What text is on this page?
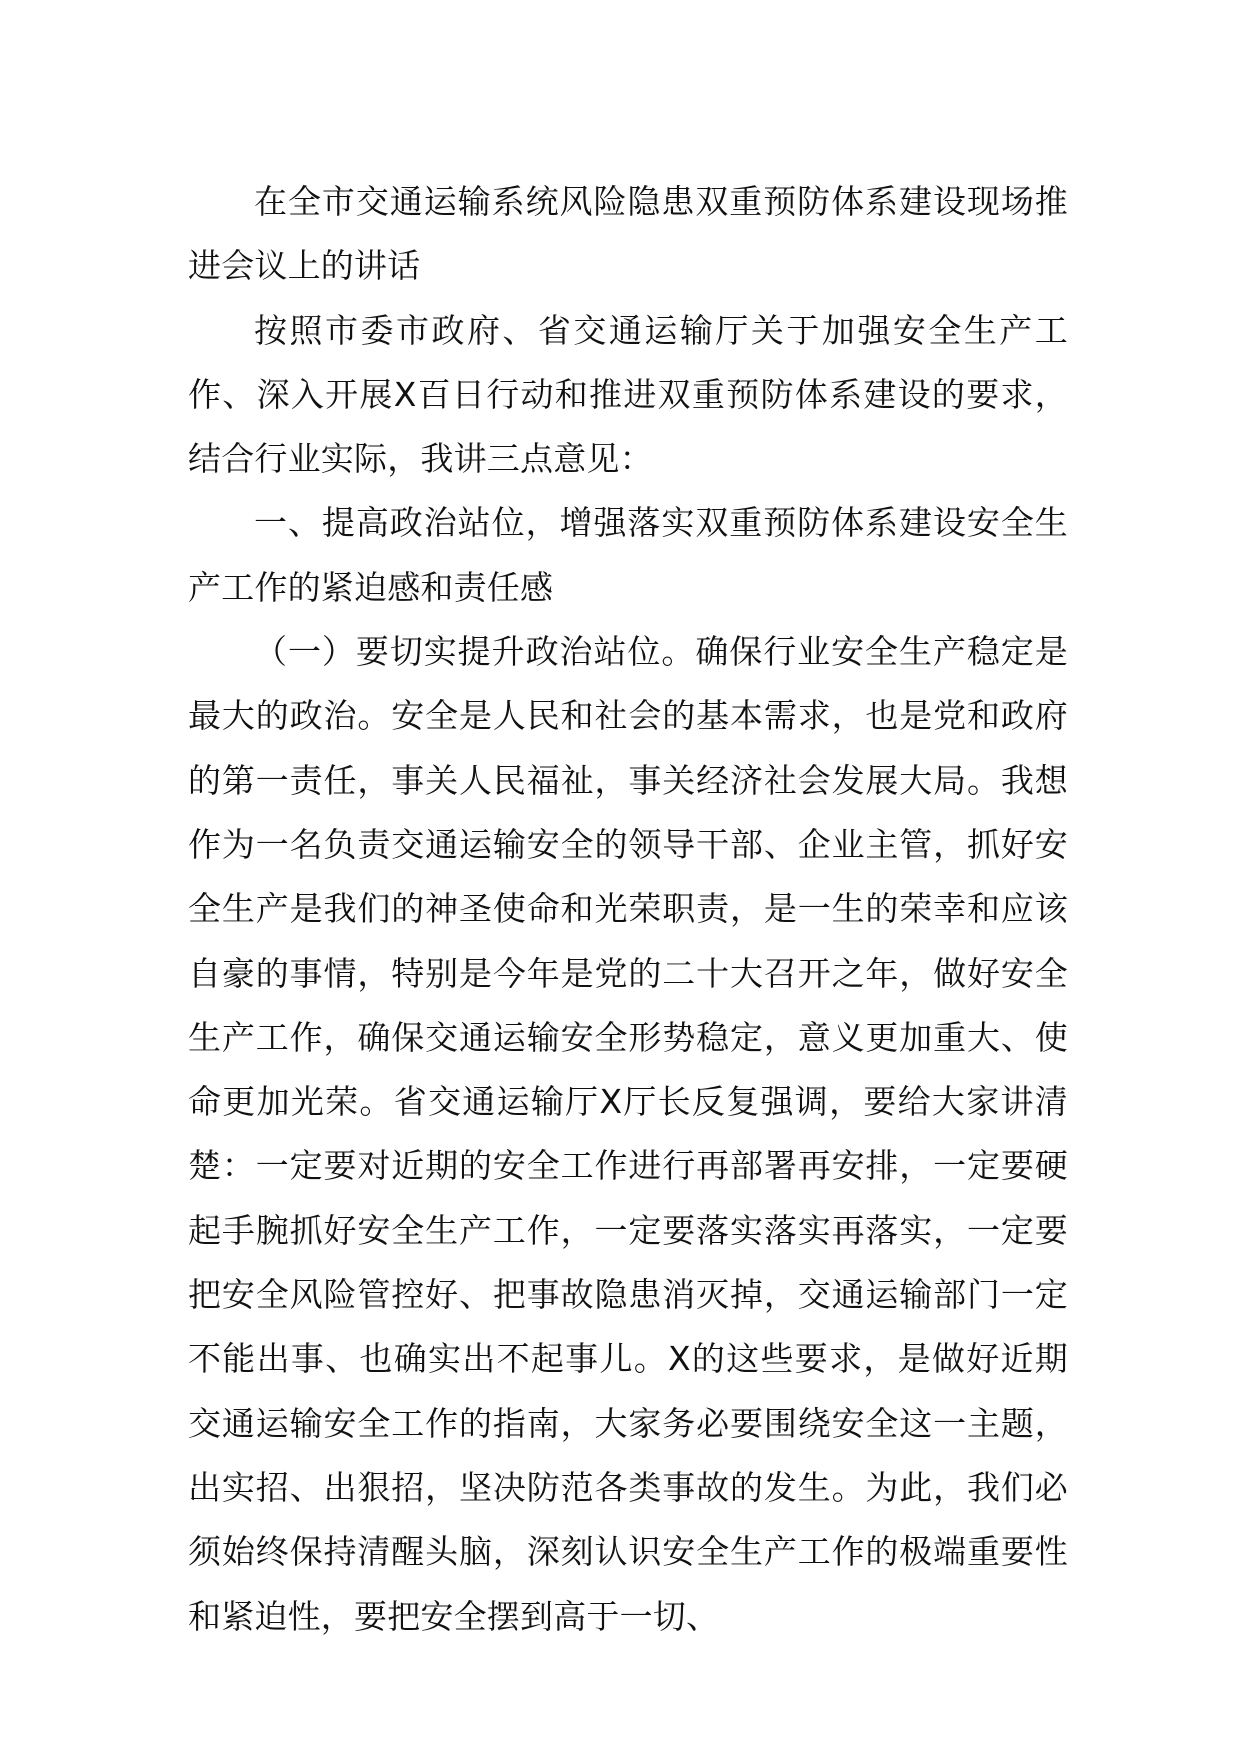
在全市交通运输系统风险隐患双重预防体系建设现场推进会议上的讲话

按照市委市政府、省交通运输厅关于加强安全生产工作、深入开展X百日行动和推进双重预防体系建设的要求，结合行业实际，我讲三点意见：

一、提高政治站位，增强落实双重预防体系建设安全生产工作的紧迫感和责任感

（一）要切实提升政治站位。确保行业安全生产稳定是最大的政治。安全是人民和社会的基本需求，也是党和政府的第一责任，事关人民福祉，事关经济社会发展大局。我想作为一名负责交通运输安全的领导干部、企业主管，抓好安全生产是我们的神圣使命和光荣职责，是一生的荣幸和应该自豪的事情，特别是今年是党的二十大召开之年，做好安全生产工作，确保交通运输安全形势稳定，意义更加重大、使命更加光荣。省交通运输厅X厅长反复强调，要给大家讲清楚：一定要对近期的安全工作进行再部署再安排，一定要硬起手腕抓好安全生产工作，一定要落实落实再落实，一定要把安全风险管控好、把事故隐患消灭掉，交通运输部门一定不能出事、也确实出不起事儿。X的这些要求，是做好近期交通运输安全工作的指南，大家务必要围绕安全这一主题，出实招、出狠招，坚决防范各类事故的发生。为此，我们必须始终保持清醒头脑，深刻认识安全生产工作的极端重要性和紧迫性，要把安全摆到高于一切、
